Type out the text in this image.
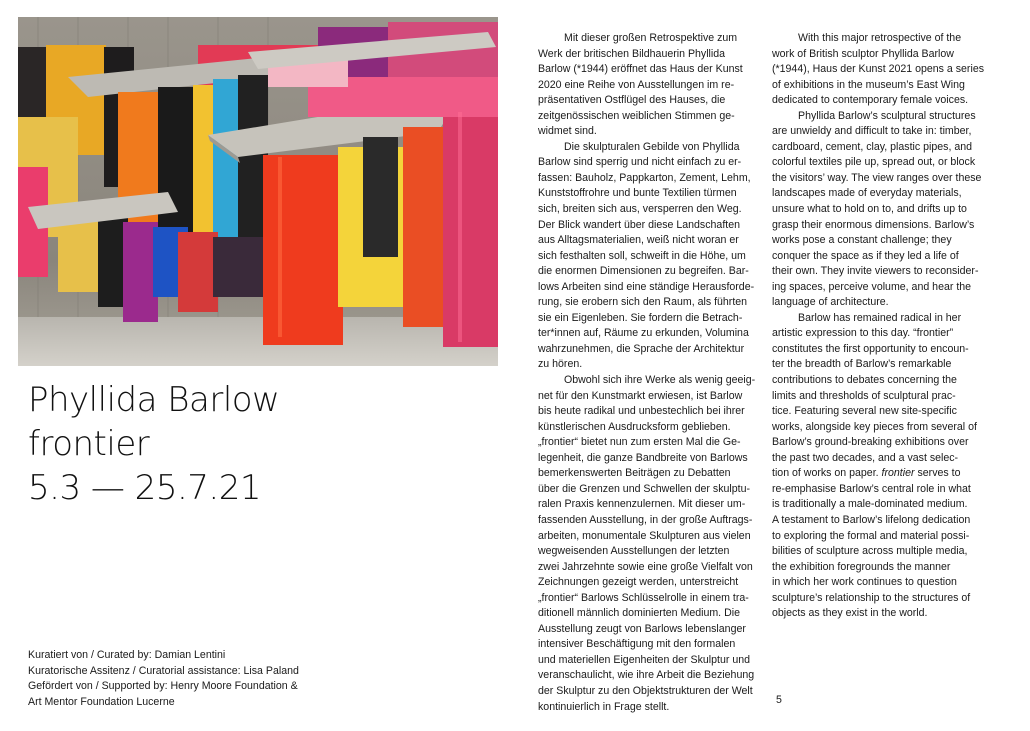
Phyllida Barlow
frontier
5.3 — 25.7.21
Kuratiert von / Curated by: Damian Lentini
Kuratorische Assitenz / Curatorial assistance: Lisa Paland
Gefördert von / Supported by: Henry Moore Foundation &
Art Mentor Foundation Lucerne

Mit dieser großen Retrospektive zum
Werk der britischen Bildhauerin Phyllida
Barlow (*1944) eröffnet das Haus der Kunst
2020 eine Reihe von Ausstellungen im re-
präsentativen Ostflügel des Hauses, die
zeitgenössischen weiblichen Stimmen ge-
widmet sind.

Die skulpturalen Gebilde von Phyllida
Barlow sind sperrig und nicht einfach zu er-
fassen: Bauholz, Pappkarton, Zement, Lehm,
Kunststoffrohre und bunte Textilien türmen
sich, breiten sich aus, versperren den Weg.
Der Blick wandert über diese Landschaften
aus Alltagsmaterialien, weiß nicht woran er
sich festhalten soll, schweift in die Höhe, um
die enormen Dimensionen zu begreifen. Bar-
lows Arbeiten sind eine ständige Herausforde-
rung, sie erobern sich den Raum, als führten
sie ein Eigenleben. Sie fordern die Betrach-
ter*innen auf, Räume zu erkunden, Volumina
wahrzunehmen, die Sprache der Architektur
zu hören.

Obwohl sich ihre Werke als wenig geeig-
net für den Kunstmarkt erwiesen, ist Barlow
bis heute radikal und unbestechlich bei ihrer
künstlerischen Ausdrucksform geblieben.
„frontier“ bietet nun zum ersten Mal die Ge-
legenheit, die ganze Bandbreite von Barlows
bemerkenswerten Beiträgen zu Debatten
über die Grenzen und Schwellen der skulptu-
ralen Praxis kennenzulernen. Mit dieser um-
fassenden Ausstellung, in der große Auftrags-
arbeiten, monumentale Skulpturen aus vielen
wegweisenden Ausstellungen der letzten
zwei Jahrzehnte sowie eine große Vielfalt von
Zeichnungen gezeigt werden, unterstreicht
„frontier“ Barlows Schlüsselrolle in einem tra-
ditionell männlich dominierten Medium. Die
Ausstellung zeugt von Barlows lebenslanger
intensiver Beschäftigung mit den formalen
und materiellen Eigenheiten der Skulptur und
veranschaulicht, wie ihre Arbeit die Beziehung
der Skulptur zu den Objektstrukturen der Welt
kontinuierlich in Frage stellt.

With this major retrospective of the
work of British sculptor Phyllida Barlow
(*1944), Haus der Kunst 2021 opens a series
of exhibitions in the museum’s East Wing
dedicated to contemporary female voices.

Phyllida Barlow’s sculptural structures
are unwieldy and difficult to take in: timber,
cardboard, cement, clay, plastic pipes, and
colorful textiles pile up, spread out, or block
the visitors’ way. The view ranges over these
landscapes made of everyday materials,
unsure what to hold on to, and drifts up to
grasp their enormous dimensions. Barlow’s
works pose a constant challenge; they
conquer the space as if they led a life of
their own. They invite viewers to reconsider-
ing spaces, perceive volume, and hear the
language of architecture.

Barlow has remained radical in her
artistic expression to this day. “frontier”
constitutes the first opportunity to encoun-
ter the breadth of Barlow’s remarkable
contributions to debates concerning the
limits and thresholds of sculptural prac-
tice. Featuring several new site-specific
works, alongside key pieces from several of
Barlow’s ground-breaking exhibitions over
the past two decades, and a vast selec-
tion of works on paper. frontier serves to
re-emphasise Barlow’s central role in what
is traditionally a male-dominated medium.
A testament to Barlow’s lifelong dedication
to exploring the formal and material possi-
bilities of sculpture across multiple media,
the exhibition foregrounds the manner
in which her work continues to question
sculpture’s relationship to the structures of
objects as they exist in the world.

5
